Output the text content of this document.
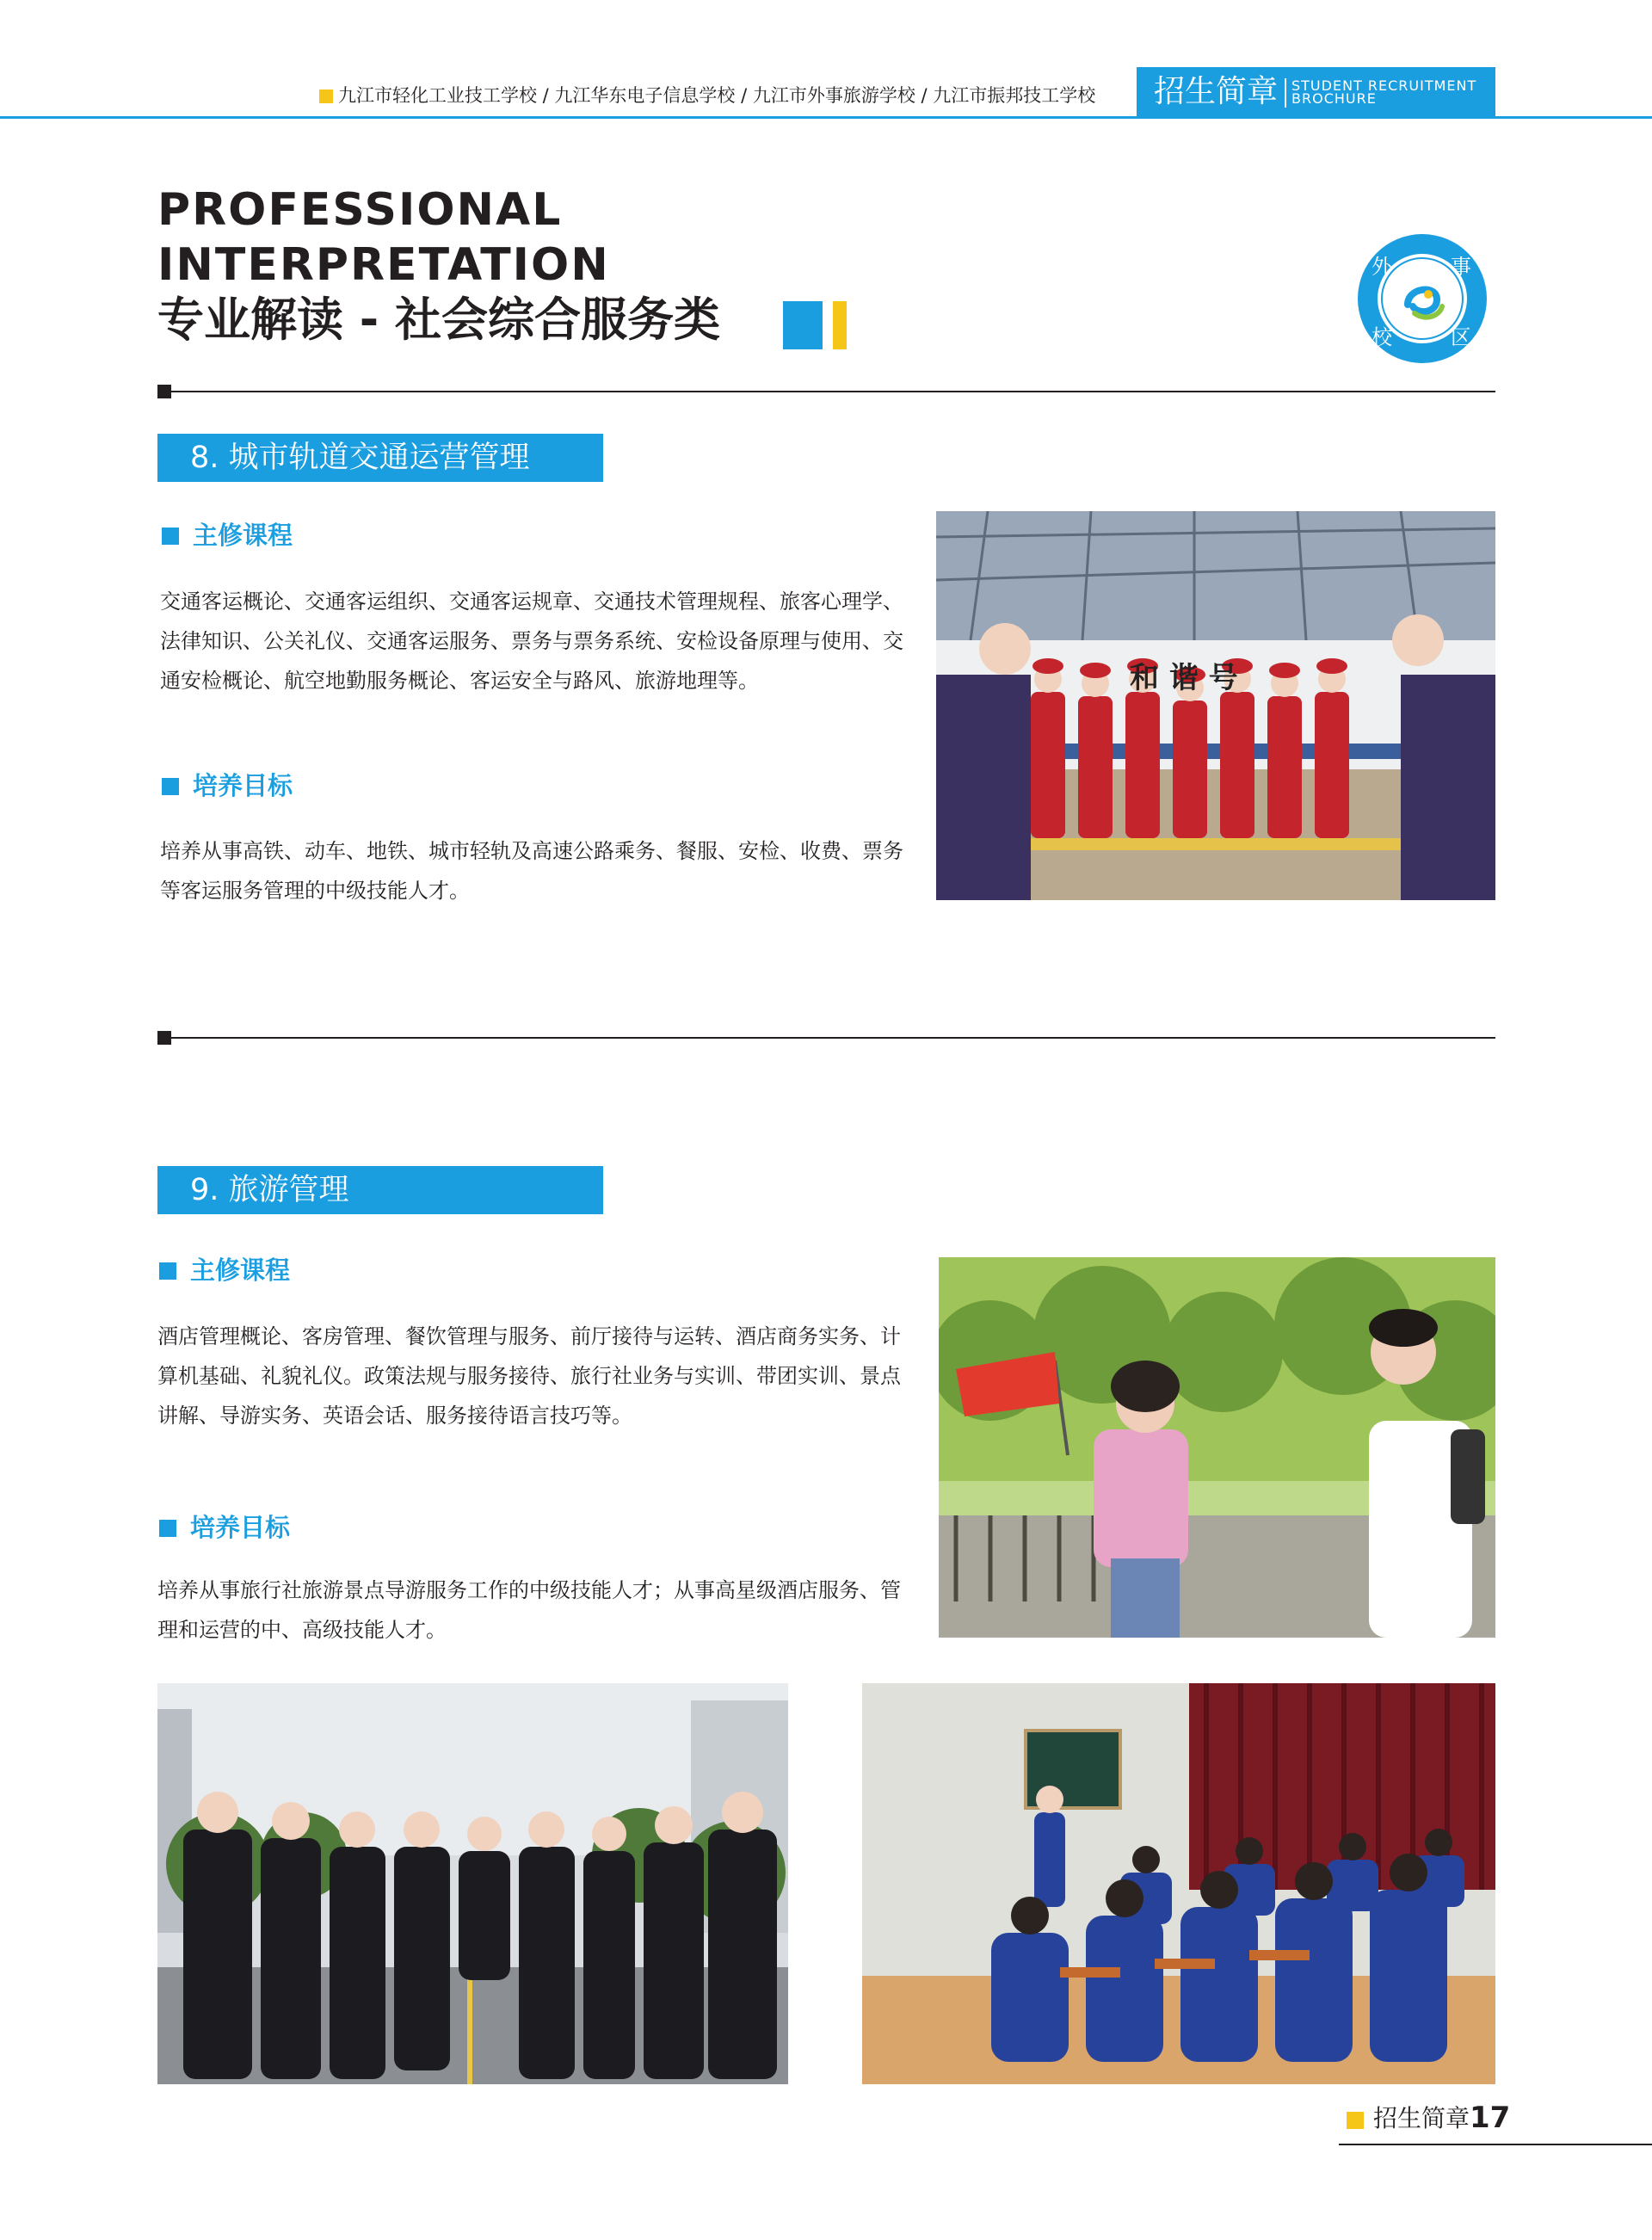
九江市轻化工业技工学校 / 九江华东电子信息学校 / 九江市外事旅游学校 / 九江市振邦技工学校 招生简章 STUDENT RECRUITMENT
BROCHURE
PROFESSIONAL
INTERPRETATION
专业解读 - 社会综合服务类
外	事
校	区
8. 城市轨道交通运营管理
主修课程
交通客运概论、交通客运组织、交通客运规章、交通技术管理规程、旅客心理学、法律知识、公关礼仪、交通客运服务、票务与票务系统、安检设备原理与使用、交通安检概论、航空地勤服务概论、客运安全与路风、旅游地理等。
培养目标
培养从事高铁、动车、地铁、城市轻轨及高速公路乘务、餐服、安检、收费、票务等客运服务管理的中级技能人才。
和 谐 号
9. 旅游管理
主修课程
酒店管理概论、客房管理、餐饮管理与服务、前厅接待与运转、酒店商务实务、计算机基础、礼貌礼仪。政策法规与服务接待、旅行社业务与实训、带团实训、景点讲解、导游实务、英语会话、服务接待语言技巧等。
培养目标
培养从事旅行社旅游景点导游服务工作的中级技能人才；从事高星级酒店服务、管理和运营的中、高级技能人才。	知乎 @ww
招生简章 17
